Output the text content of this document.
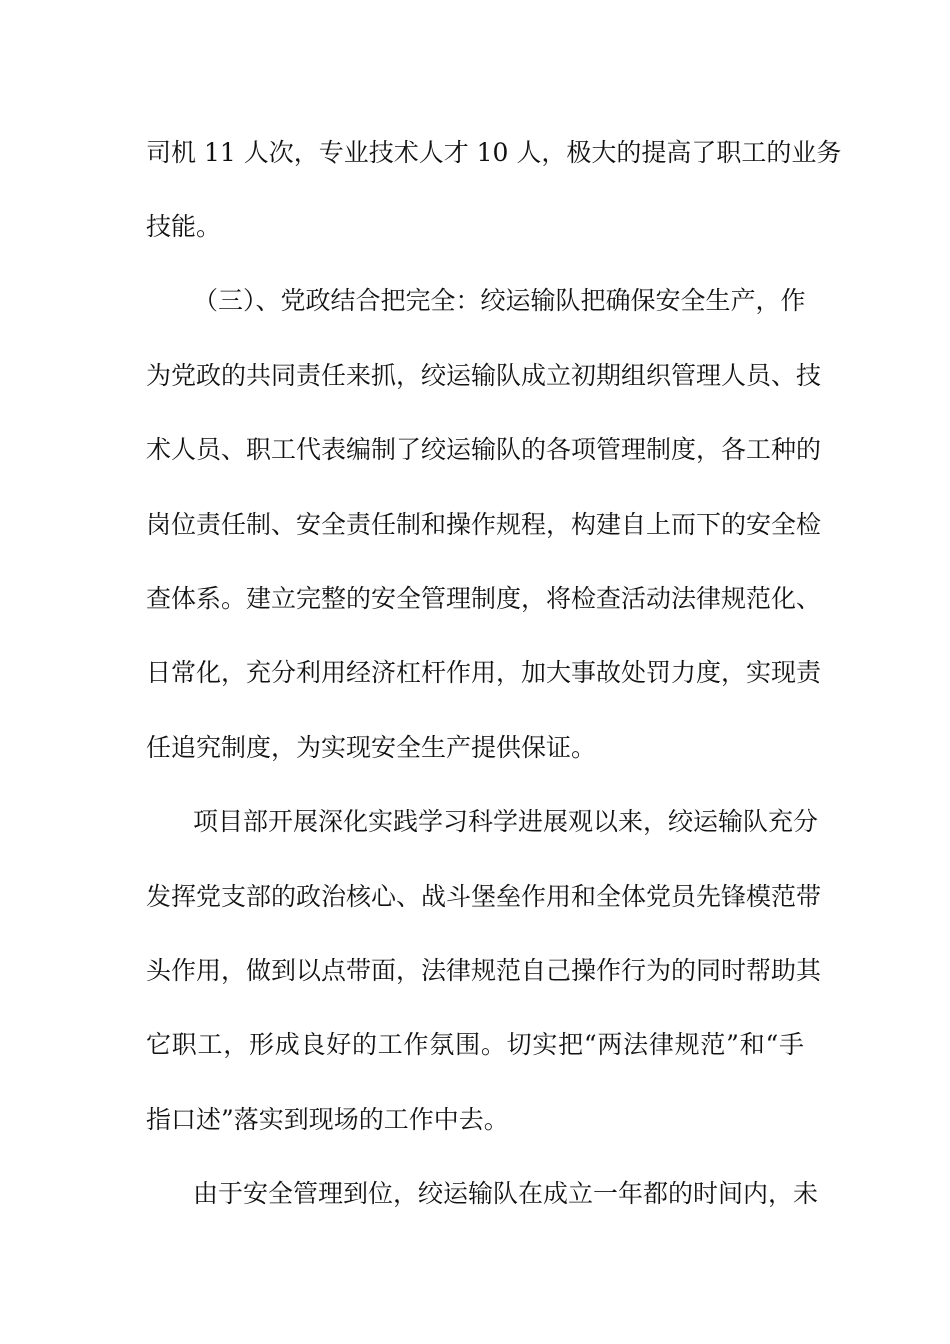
司机 11 人次，专业技术人才 10 人，极大的提高了职工的业务
技能。
（三）、党政结合把完全：绞运输队把确保安全生产，作
为党政的共同责任来抓，绞运输队成立初期组织管理人员、技
术人员、职工代表编制了绞运输队的各项管理制度，各工种的
岗位责任制、安全责任制和操作规程，构建自上而下的安全检
查体系。建立完整的安全管理制度，将检查活动法律规范化、
日常化，充分利用经济杠杆作用，加大事故处罚力度，实现责
任追究制度，为实现安全生产提供保证。
项目部开展深化实践学习科学进展观以来，绞运输队充分
发挥党支部的政治核心、战斗堡垒作用和全体党员先锋模范带
头作用，做到以点带面，法律规范自己操作行为的同时帮助其
它职工，形成良好的工作氛围。切实把“两法律规范”和“手
指口述”落实到现场的工作中去。
由于安全管理到位，绞运输队在成立一年都的时间内，未
